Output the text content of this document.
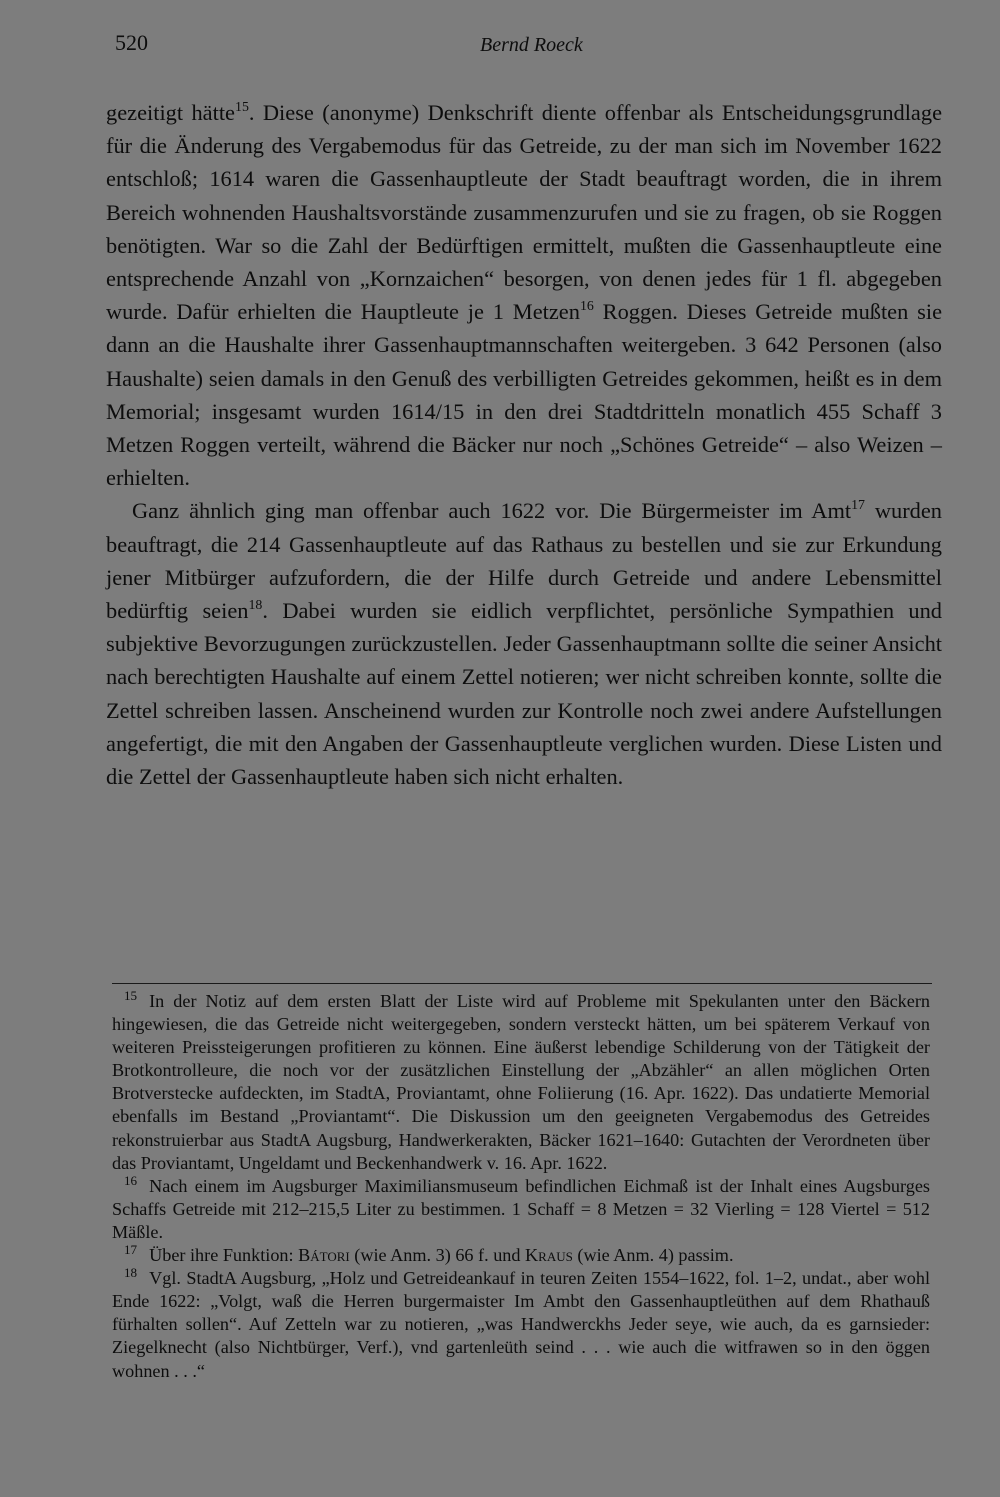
520	Bernd Roeck

gezeitigt hätte$^{15}$. Diese (anonyme) Denkschrift diente offenbar als Entscheidungsgrundlage für die Änderung des Vergabemodus für das Getreide, zu der man sich im November 1622 entschloß; 1614 waren die Gassenhauptleute der Stadt beauftragt worden, die in ihrem Bereich wohnenden Haushaltsvorstände zusammenzurufen und sie zu fragen, ob sie Roggen benötigten. War so die Zahl der Bedürftigen ermittelt, mußten die Gassenhauptleute eine entsprechende Anzahl von „Kornzaichen“ besorgen, von denen jedes für 1 fl. abgegeben wurde. Dafür erhielten die Hauptleute je 1 Metzen$^{16}$ Roggen. Dieses Getreide mußten sie dann an die Haushalte ihrer Gassenhauptmannschaften weitergeben. 3 642 Personen (also Haushalte) seien damals in den Genuß des verbilligten Getreides gekommen, heißt es in dem Memorial; insgesamt wurden 1614/15 in den drei Stadtdritteln monatlich 455 Schaff 3 Metzen Roggen verteilt, während die Bäcker nur noch „Schönes Getreide“ – also Weizen – erhielten.

Ganz ähnlich ging man offenbar auch 1622 vor. Die Bürgermeister im Amt$^{17}$ wurden beauftragt, die 214 Gassenhauptleute auf das Rathaus zu bestellen und sie zur Erkundung jener Mitbürger aufzufordern, die der Hilfe durch Getreide und andere Lebensmittel bedürftig seien$^{18}$. Dabei wurden sie eidlich verpflichtet, persönliche Sympathien und subjektive Bevorzugungen zurückzustellen. Jeder Gassenhauptmann sollte die seiner Ansicht nach berechtigten Haushalte auf einem Zettel notieren; wer nicht schreiben konnte, sollte die Zettel schreiben lassen. Anscheinend wurden zur Kontrolle noch zwei andere Aufstellungen angefertigt, die mit den Angaben der Gassenhauptleute verglichen wurden. Diese Listen und die Zettel der Gassenhauptleute haben sich nicht erhalten.

$^{15}$ In der Notiz auf dem ersten Blatt der Liste wird auf Probleme mit Spekulanten unter den Bäckern hingewiesen, die das Getreide nicht weitergegeben, sondern versteckt hätten, um bei späterem Verkauf von weiteren Preissteigerungen profitieren zu können. Eine äußerst lebendige Schilderung von der Tätigkeit der Brotkontrolleure, die noch vor der zusätzlichen Einstellung der „Abzähler“ an allen möglichen Orten Brotverstecke aufdeckten, im StadtA, Proviantamt, ohne Foliierung (16. Apr. 1622). Das undatierte Memorial ebenfalls im Bestand „Proviantamt“. Die Diskussion um den geeigneten Vergabemodus des Getreides rekonstruierbar aus StadtA Augsburg, Handwerkerakten, Bäcker 1621–1640: Gutachten der Verordneten über das Proviantamt, Ungeldamt und Beckenhandwerk v. 16. Apr. 1622.

$^{16}$ Nach einem im Augsburger Maximiliansmuseum befindlichen Eichmaß ist der Inhalt eines Augsburges Schaffs Getreide mit 212–215,5 Liter zu bestimmen. 1 Schaff = 8 Metzen = 32 Vierling = 128 Viertel = 512 Mäßle.

$^{17}$ Über ihre Funktion: Bátori (wie Anm. 3) 66 f. und Kraus (wie Anm. 4) passim.

$^{18}$ Vgl. StadtA Augsburg, „Holz und Getreideankauf in teuren Zeiten 1554–1622, fol. 1–2, undat., aber wohl Ende 1622: „Volgt, waß die Herren burgermaister Im Ambt den Gassenhauptleüthen auf dem Rhathauß fürhalten sollen“. Auf Zetteln war zu notieren, „was Handwerckhs Jeder seye, wie auch, da es garnsieder: Ziegelknecht (also Nichtbürger, Verf.), vnd gartenleüth seind . . . wie auch die witfrawen so in den öggen wohnen . . .“
